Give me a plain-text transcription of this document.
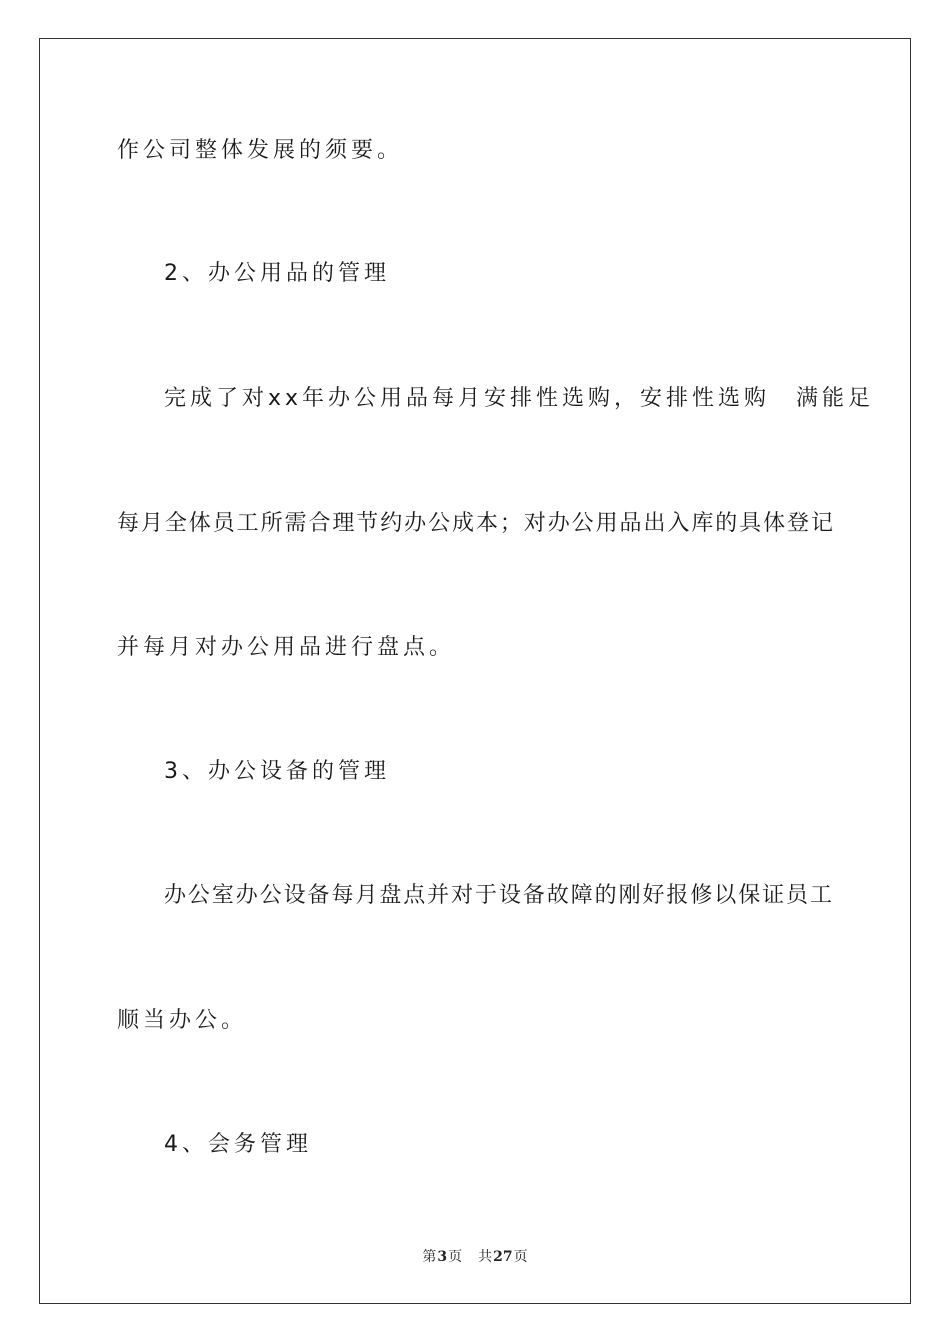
作公司整体发展的须要。
2、办公用品的管理
完成了对xx年办公用品每月安排性选购，安排性选购　满能足
每月全体员工所需合理节约办公成本；对办公用品出入库的具体登记
并每月对办公用品进行盘点。
3、办公设备的管理
办公室办公设备每月盘点并对于设备故障的刚好报修以保证员工
顺当办公。
4、会务管理
第3页 共27页
